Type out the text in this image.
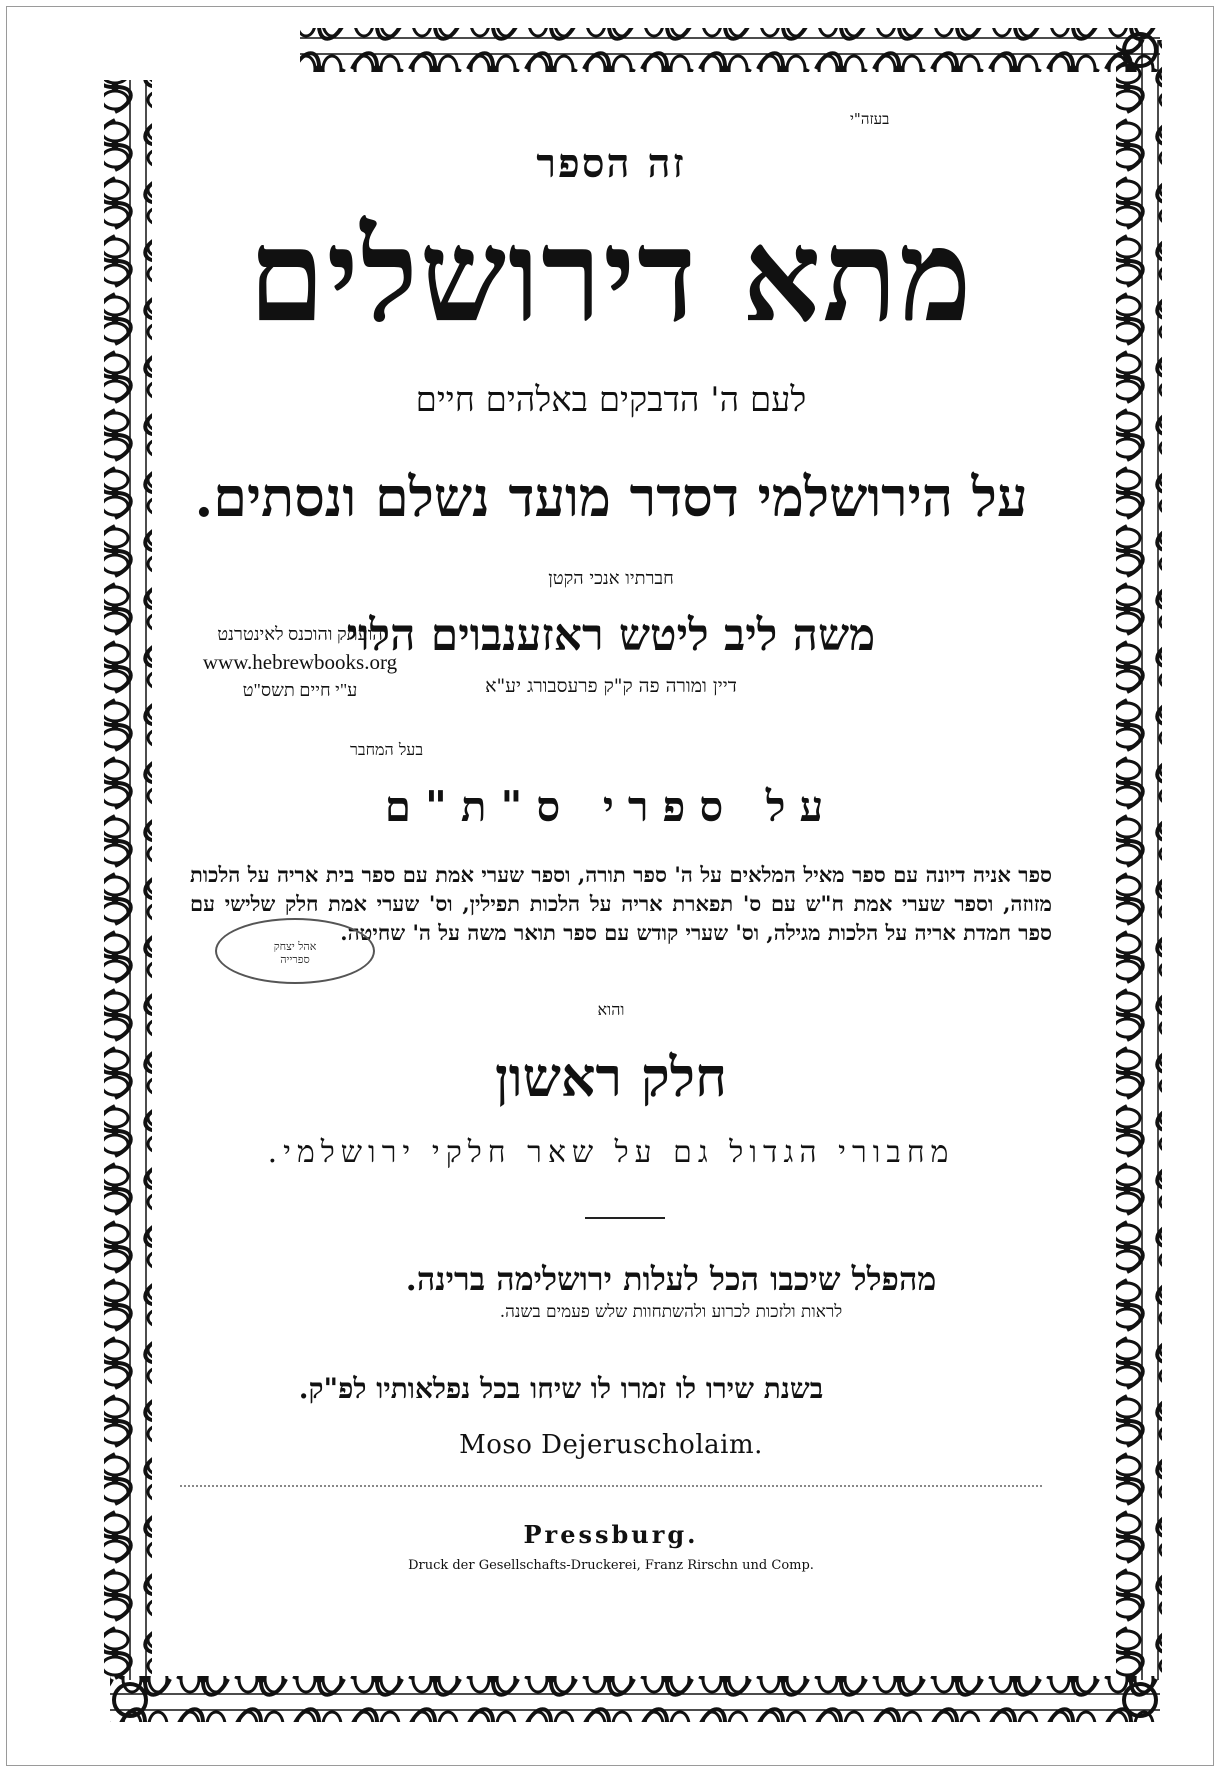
בעזה"י
זה הספר
מתא דירושלים
לעם ה' הדבקים באלהים חיים
על הירושלמי דסדר מועד נשלם ונסתים.
חברתיו אנכי הקטן
משה ליב ליטש ראזענבוים הלוי
דיין ומורה פה ק"ק פרעסבורג יע"א
בעל המחבר
על ספרי ס"ת"ם
ספר אניה דיונה עם ספר מאיל המלאים על ה' ספר תורה, וספר שערי אמת עם ספר בית אריה על הלכות מזוזה, וספר שערי אמת ח"ש עם ס' תפארת אריה על הלכות תפילין, וס' שערי אמת חלק שלישי עם ספר חמדת אריה על הלכות מגילה, וס' שערי קודש עם ספר תואר משה על ה' שחיטה.
והוא
חלק ראשון
מחבורי הגדול גם על שאר חלקי ירושלמי.
מהפלל שיכבו הכל לעלות ירושלימה ברינה.
לראות ולזכות לכרוע ולהשתחוות שלש פעמים בשנה.
בשנת שירו לו זמרו לו שיחו בכל נפלאותיו לפ"ק.
Moso Dejeruscholaim.
Pressburg.
Druck der Gesellschafts-Druckerei, Franz Rirschn und Comp.
הועתק והוכנס לאינטרנט
www.hebrewbooks.org
ע"י חיים תשס"ט
אהל יצחק
ספרייה
